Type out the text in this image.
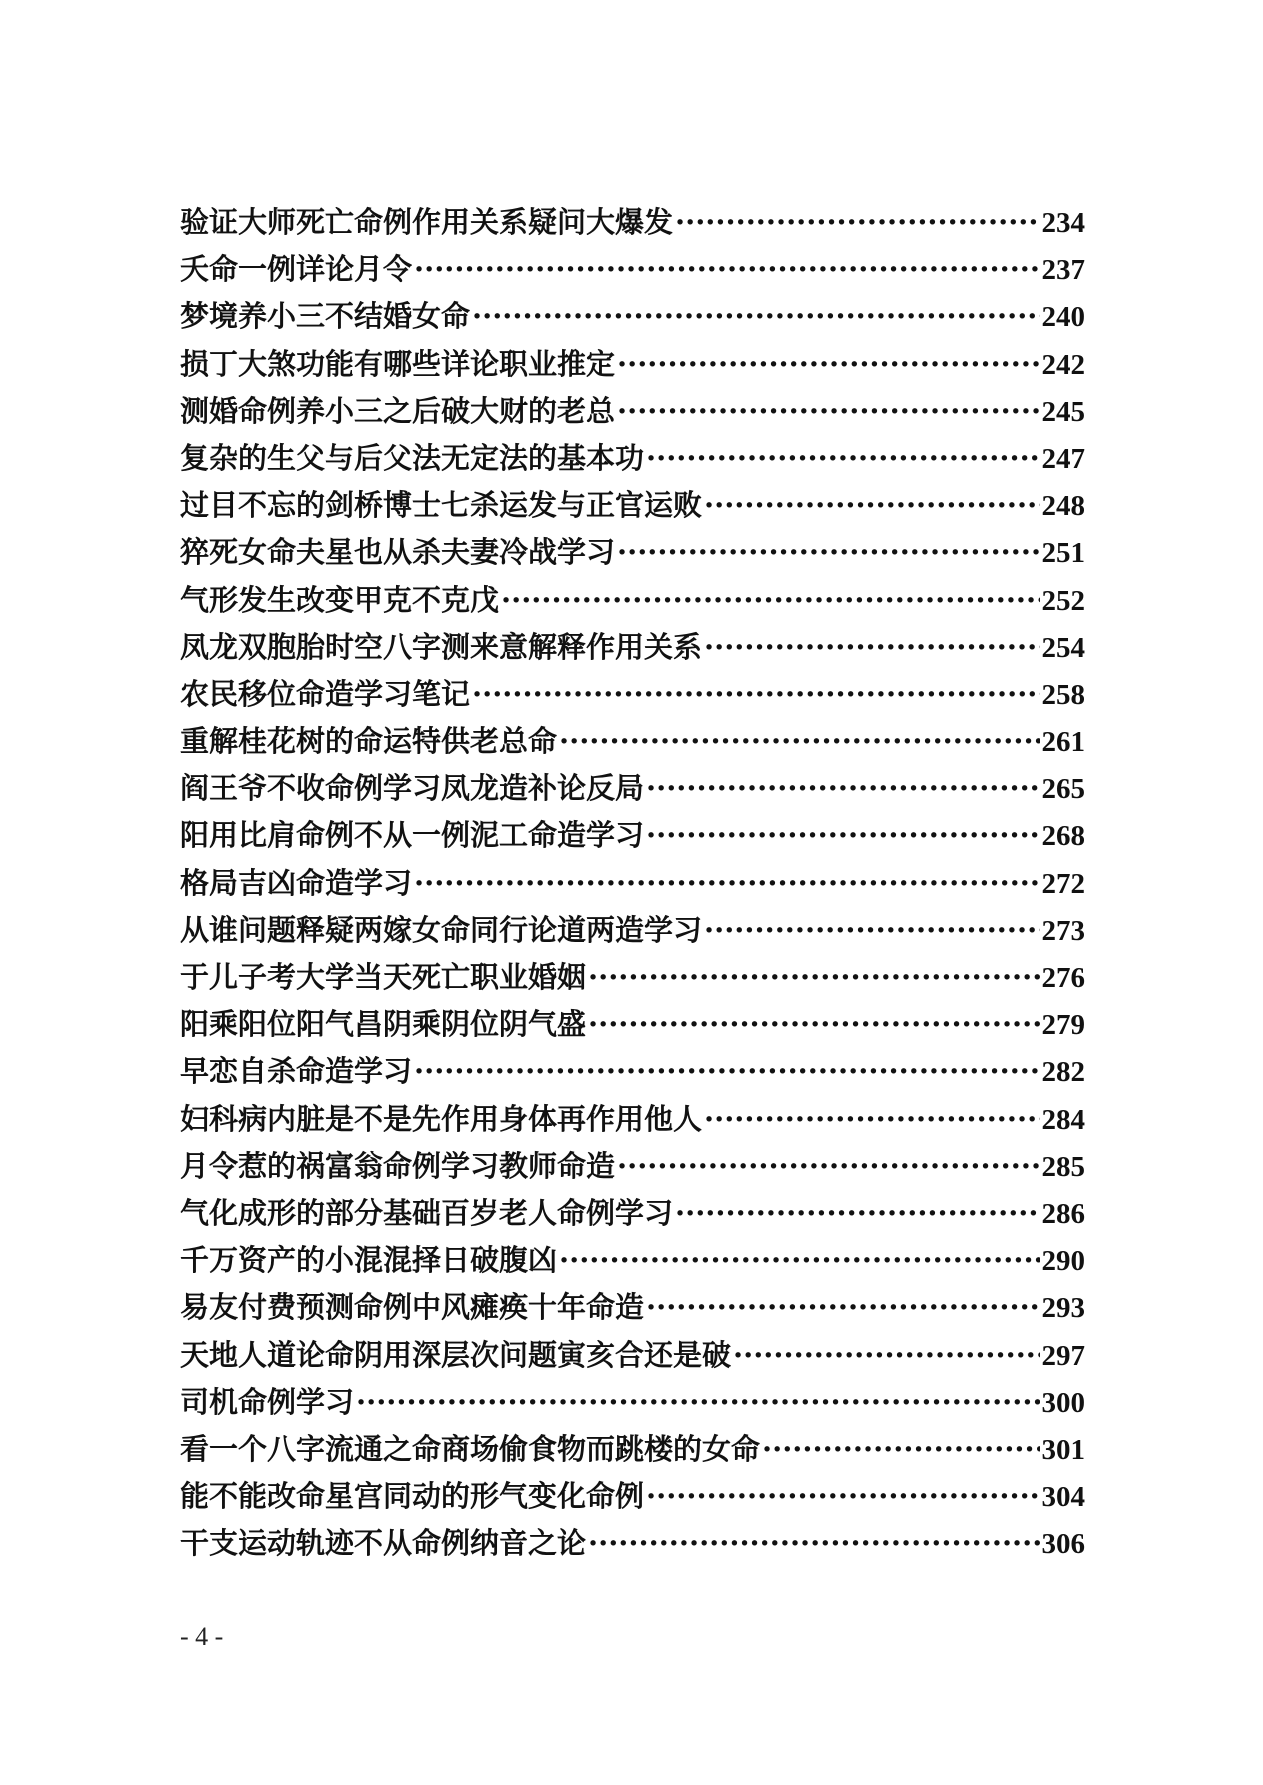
验证大师死亡命例作用关系疑问大爆发 ·····	234
夭命一例详论月令 ·····	237
梦境养小三不结婚女命 ·····	240
损丁大煞功能有哪些详论职业推定 ·····	242
测婚命例养小三之后破大财的老总 ·····	245
复杂的生父与后父法无定法的基本功 ·····	247
过目不忘的剑桥博士七杀运发与正官运败 ·····	248
猝死女命夫星也从杀夫妻冷战学习 ·····	251
气形发生改变甲克不克戊 ·····	252
凤龙双胞胎时空八字测来意解释作用关系 ·····	254
农民移位命造学习笔记 ·····	258
重解桂花树的命运特供老总命 ·····	261
阎王爷不收命例学习凤龙造补论反局 ·····	265
阳用比肩命例不从一例泥工命造学习 ·····	268
格局吉凶命造学习 ·····	272
从谁问题释疑两嫁女命同行论道两造学习 ·····	273
于儿子考大学当天死亡职业婚姻 ·····	276
阳乘阳位阳气昌阴乘阴位阴气盛 ·····	279
早恋自杀命造学习 ·····	282
妇科病内脏是不是先作用身体再作用他人 ·····	284
月令惹的祸富翁命例学习教师命造 ·····	285
气化成形的部分基础百岁老人命例学习 ·····	286
千万资产的小混混择日破腹凶 ·····	290
易友付费预测命例中风瘫痪十年命造 ·····	293
天地人道论命阴用深层次问题寅亥合还是破 ·····	297
司机命例学习 ·····	300
看一个八字流通之命商场偷食物而跳楼的女命 ·····	301
能不能改命星宫同动的形气变化命例 ·····	304
干支运动轨迹不从命例纳音之论 ·····	306
- 4 -
